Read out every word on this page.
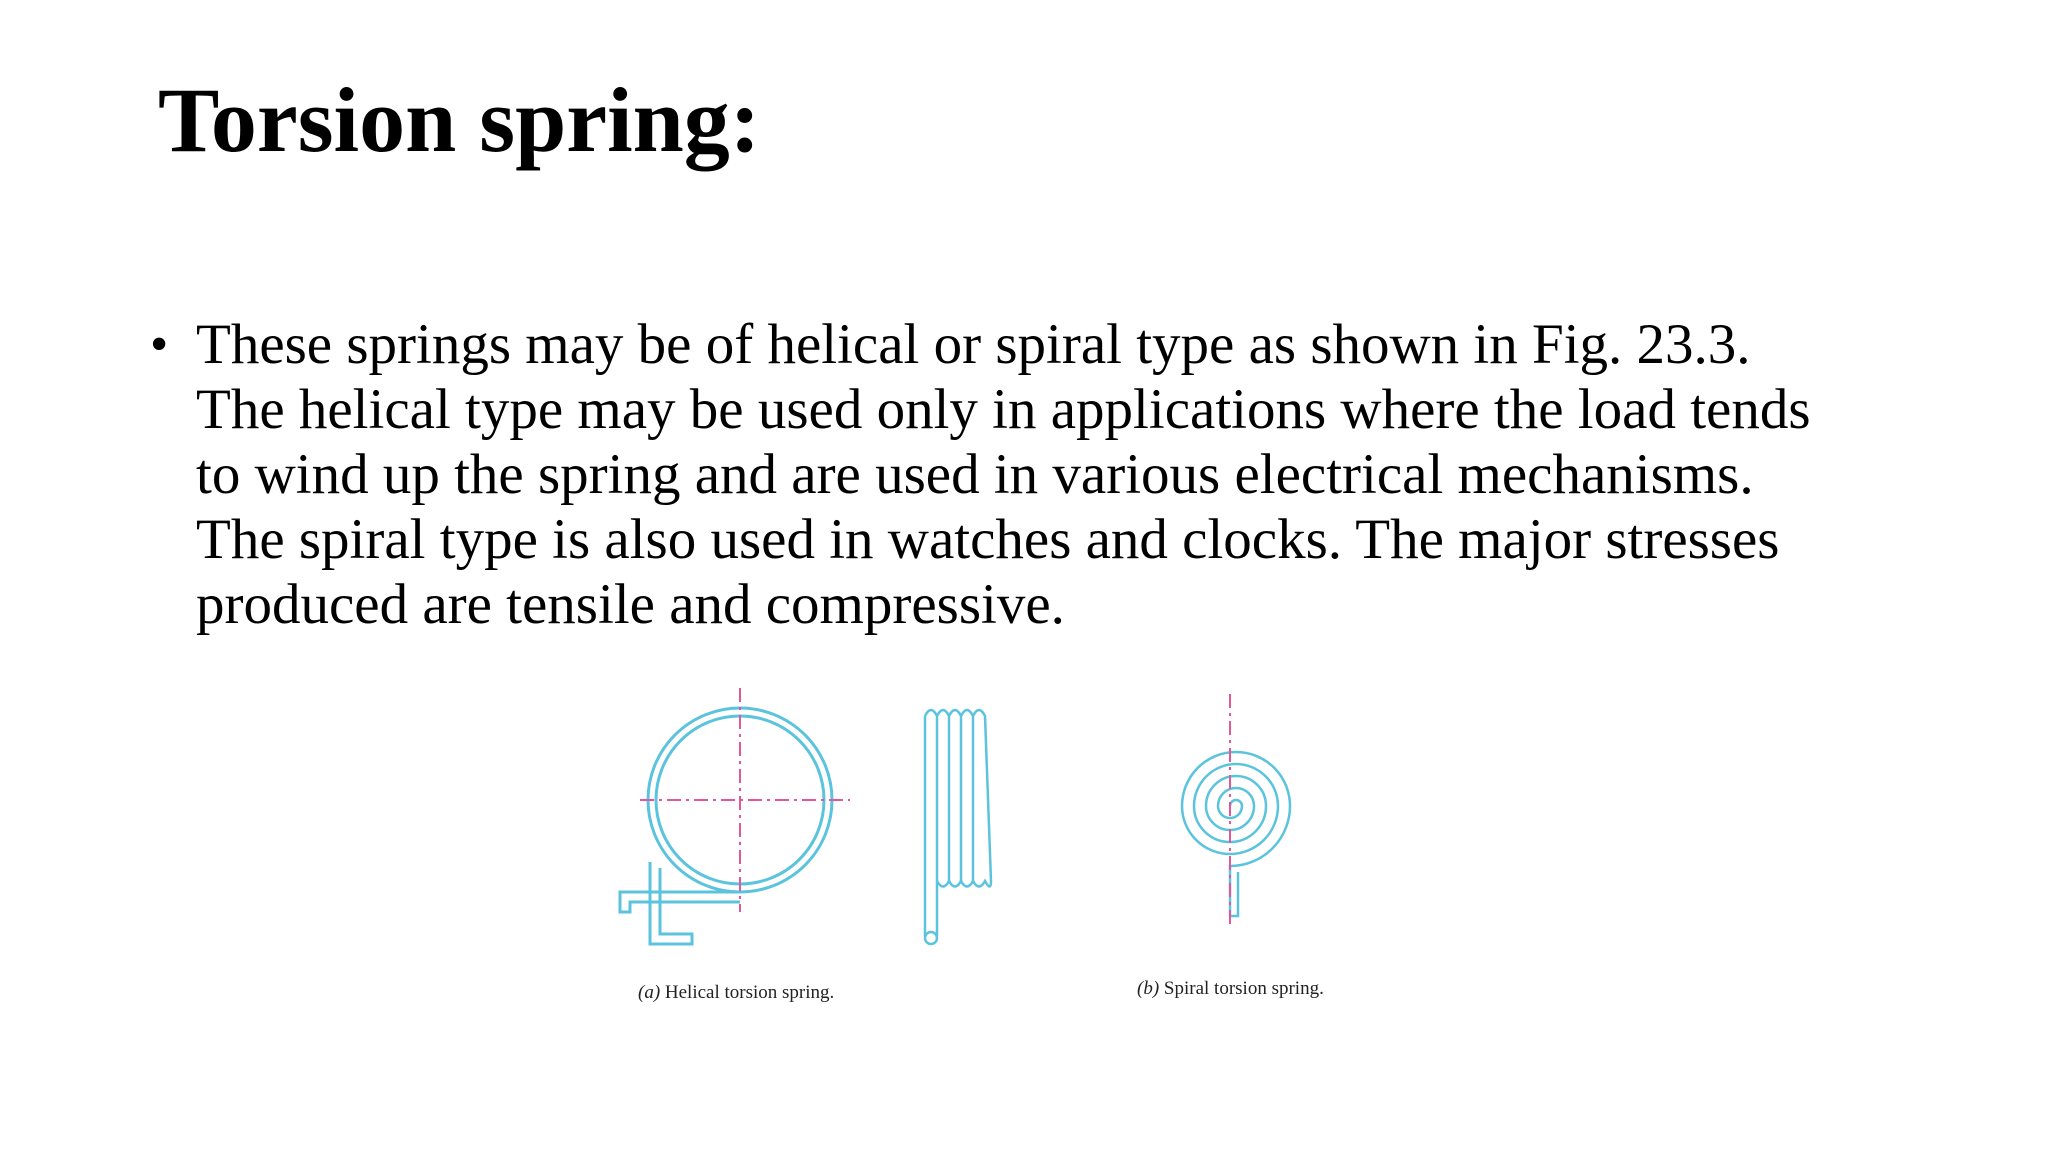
Torsion spring:
• These springs may be of helical or spiral type as shown in Fig. 23.3.
The helical type may be used only in applications where the load tends
to wind up the spring and are used in various electrical mechanisms.
The spiral type is also used in watches and clocks. The major stresses
produced are tensile and compressive.
(a) Helical torsion spring.	(b) Spiral torsion spring.
